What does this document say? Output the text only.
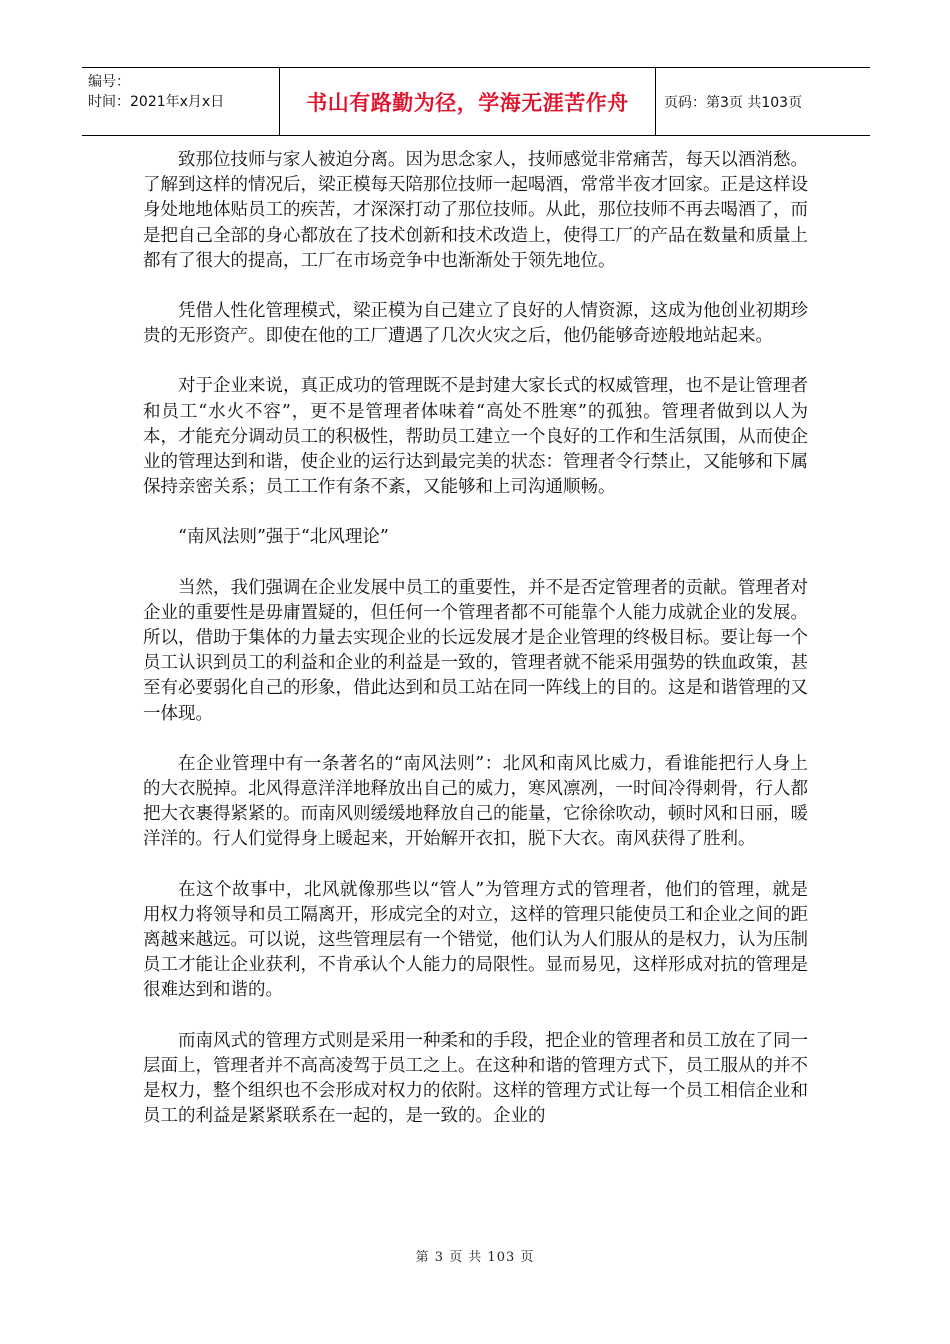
编号：
时间：2021年x月x日	书山有路勤为径，学海无涯苦作舟	页码：第3页 共103页

致那位技师与家人被迫分离。因为思念家人，技师感觉非常痛苦，每天以酒消愁。了解到这样的情况后，梁正模每天陪那位技师一起喝酒，常常半夜才回家。正是这样设身处地地体贴员工的疾苦，才深深打动了那位技师。从此，那位技师不再去喝酒了，而是把自己全部的身心都放在了技术创新和技术改造上，使得工厂的产品在数量和质量上都有了很大的提高，工厂在市场竞争中也渐渐处于领先地位。

凭借人性化管理模式，梁正模为自己建立了良好的人情资源，这成为他创业初期珍贵的无形资产。即使在他的工厂遭遇了几次火灾之后，他仍能够奇迹般地站起来。

对于企业来说，真正成功的管理既不是封建大家长式的权威管理，也不是让管理者和员工“水火不容”，更不是管理者体味着“高处不胜寒”的孤独。管理者做到以人为本，才能充分调动员工的积极性，帮助员工建立一个良好的工作和生活氛围，从而使企业的管理达到和谐，使企业的运行达到最完美的状态：管理者令行禁止，又能够和下属保持亲密关系；员工工作有条不紊，又能够和上司沟通顺畅。

“南风法则”强于“北风理论”

当然，我们强调在企业发展中员工的重要性，并不是否定管理者的贡献。管理者对企业的重要性是毋庸置疑的，但任何一个管理者都不可能靠个人能力成就企业的发展。所以，借助于集体的力量去实现企业的长远发展才是企业管理的终极目标。要让每一个员工认识到员工的利益和企业的利益是一致的，管理者就不能采用强势的铁血政策，甚至有必要弱化自己的形象，借此达到和员工站在同一阵线上的目的。这是和谐管理的又一体现。

在企业管理中有一条著名的“南风法则”：北风和南风比威力，看谁能把行人身上的大衣脱掉。北风得意洋洋地释放出自己的威力，寒风凛冽，一时间冷得刺骨，行人都把大衣裹得紧紧的。而南风则缓缓地释放自己的能量，它徐徐吹动，顿时风和日丽，暖洋洋的。行人们觉得身上暖起来，开始解开衣扣，脱下大衣。南风获得了胜利。

在这个故事中，北风就像那些以“管人”为管理方式的管理者，他们的管理，就是用权力将领导和员工隔离开，形成完全的对立，这样的管理只能使员工和企业之间的距离越来越远。可以说，这些管理层有一个错觉，他们认为人们服从的是权力，认为压制员工才能让企业获利，不肯承认个人能力的局限性。显而易见，这样形成对抗的管理是很难达到和谐的。

而南风式的管理方式则是采用一种柔和的手段，把企业的管理者和员工放在了同一层面上，管理者并不高高凌驾于员工之上。在这种和谐的管理方式下，员工服从的并不是权力，整个组织也不会形成对权力的依附。这样的管理方式让每一个员工相信企业和员工的利益是紧紧联系在一起的，是一致的。企业的

第 3 页 共 103 页
